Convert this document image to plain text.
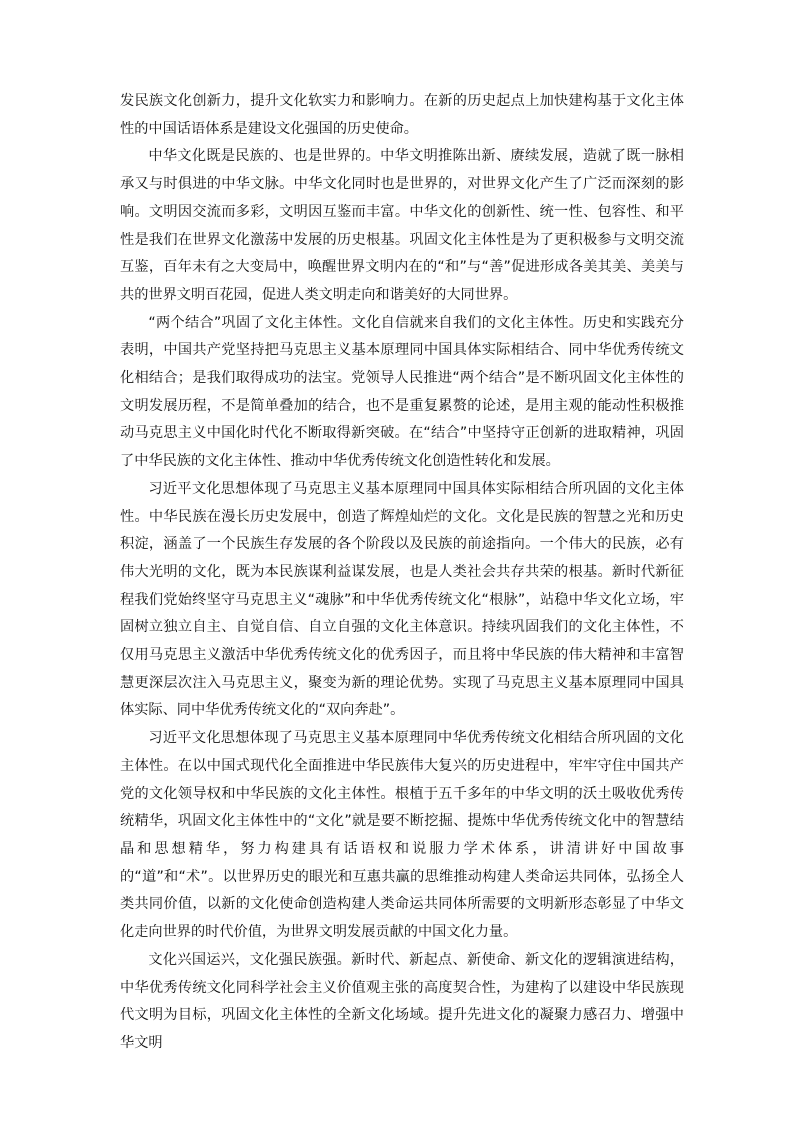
发民族文化创新力，提升文化软实力和影响力。在新的历史起点上加快建构基于文化主体性的中国话语体系是建设文化强国的历史使命。

中华文化既是民族的、也是世界的。中华文明推陈出新、赓续发展，造就了既一脉相承又与时俱进的中华文脉。中华文化同时也是世界的，对世界文化产生了广泛而深刻的影响。文明因交流而多彩，文明因互鉴而丰富。中华文化的创新性、统一性、包容性、和平性是我们在世界文化激荡中发展的历史根基。巩固文化主体性是为了更积极参与文明交流互鉴，百年未有之大变局中，唤醒世界文明内在的“和”与“善”促进形成各美其美、美美与共的世界文明百花园，促进人类文明走向和谐美好的大同世界。

“两个结合”巩固了文化主体性。文化自信就来自我们的文化主体性。历史和实践充分表明，中国共产党坚持把马克思主义基本原理同中国具体实际相结合、同中华优秀传统文化相结合；是我们取得成功的法宝。党领导人民推进“两个结合”是不断巩固文化主体性的文明发展历程，不是简单叠加的结合，也不是重复累赘的论述，是用主观的能动性积极推动马克思主义中国化时代化不断取得新突破。在“结合”中坚持守正创新的进取精神，巩固了中华民族的文化主体性、推动中华优秀传统文化创造性转化和发展。

习近平文化思想体现了马克思主义基本原理同中国具体实际相结合所巩固的文化主体性。中华民族在漫长历史发展中，创造了辉煌灿烂的文化。文化是民族的智慧之光和历史积淀，涵盖了一个民族生存发展的各个阶段以及民族的前途指向。一个伟大的民族，必有伟大光明的文化，既为本民族谋利益谋发展，也是人类社会共存共荣的根基。新时代新征程我们党始终坚守马克思主义“魂脉”和中华优秀传统文化“根脉”，站稳中华文化立场，牢固树立独立自主、自觉自信、自立自强的文化主体意识。持续巩固我们的文化主体性，不仅用马克思主义激活中华优秀传统文化的优秀因子，而且将中华民族的伟大精神和丰富智慧更深层次注入马克思主义，聚变为新的理论优势。实现了马克思主义基本原理同中国具体实际、同中华优秀传统文化的“双向奔赴”。

习近平文化思想体现了马克思主义基本原理同中华优秀传统文化相结合所巩固的文化主体性。在以中国式现代化全面推进中华民族伟大复兴的历史进程中，牢牢守住中国共产党的文化领导权和中华民族的文化主体性。根植于五千多年的中华文明的沃土吸收优秀传统精华，巩固文化主体性中的“文化”就是要不断挖掘、提炼中华优秀传统文化中的智慧结晶和思想精华，努力构建具有话语权和说服力学术体系，讲清讲好中国故事的“道”和“术”。以世界历史的眼光和互惠共赢的思维推动构建人类命运共同体，弘扬全人类共同价值，以新的文化使命创造构建人类命运共同体所需要的文明新形态彰显了中华文化走向世界的时代价值，为世界文明发展贡献的中国文化力量。

文化兴国运兴，文化强民族强。新时代、新起点、新使命、新文化的逻辑演进结构，中华优秀传统文化同科学社会主义价值观主张的高度契合性，为建构了以建设中华民族现代文明为目标，巩固文化主体性的全新文化场域。提升先进文化的凝聚力感召力、增强中华文明
